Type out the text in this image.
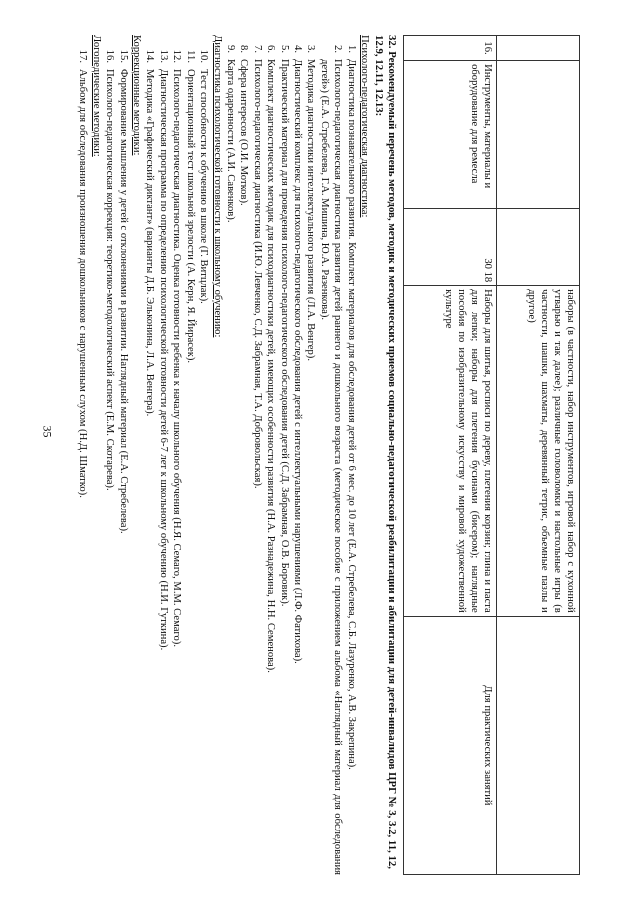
35
				наборы (в частности, набор инструментов, игровой набор с кухонной утварью и так далее); различные головоломки и настольные игры (в частности, шашки, шахматы, деревянный тетрис, объемные пазлы и другое)	
16.	Инструменты, материалы и оборудование для ремесла	30 18	Наборы для шитья, росписи по дереву, плетения корзин; глина и паста для лепки; наборы для плетения бусинами (бисером); наглядные пособия по изобразительному искусству и мировой художественной культуре	Для практических занятий
32. Рекомендуемый перечень методов, методик и методических приемов социально-педагогической реабилитации и абилитации для детей-инвалидов ЦРГ № 3, 3.2, 11, 12, 12.9, 12.11, 12.13:
Психолого-педагогическая диагностика:
1.
Диагностика познавательного развития. Комплект материалов для обследования детей от 6 мес. до 10 лет (Е.А. Стребелева, С.Б. Лазуренко, А.В. Закрепина).
2.
Психолого-педагогическая диагностика развития детей раннего и дошкольного возраста (методическое пособие с приложением альбома «Наглядный материал для обследования детей») (Е.А. Стребелева, Г.А. Мишина, Ю.А. Разенкова).
3.
Методика диагностики интеллектуального развития (Л.А. Венгер).
4.
Диагностический комплекс для психолого-педагогического обследования детей с интеллектуальными нарушениями (Л.Ф. Фатихова).
5.
Практический материал для проведения психолого-педагогического обследования детей (С.Д. Забрамная, О.В. Боровик).
6.
Комплект диагностических методик для психодиагностики детей, имеющих особенности развития (Н.А. Разнадежина, Н.Н. Семенова).
7.
Психолого-педагогическая диагностика (И.Ю. Левченко, С.Д. Забрамная, Т.А. Добровольская).
8.
Сфера интересов (О.И. Мотков).
9.
Карта одаренности (А.И. Савенков).
Диагностика психологической готовности к школьному обучению:
10.
Тест способности к обучению в школе (Г. Витцлак).
11.
Ориентационный тест школьной зрелости (А. Керн, Я. Йирасек).
12.
Психолого-педагогическая диагностика. Оценка готовности ребенка к началу школьного обучения (Н.Я. Семаго, М.М. Семаго).
13.
Диагностическая программа по определению психологической готовности детей 6-7 лет к школьному обучению (Н.И. Гуткина).
14.
Методика «Графический диктант» (варианты Д.Б. Эльконина, Л.А. Венгера).
Коррекционные методики:
15.
Формирование мышления у детей с отклонениями в развитии. Наглядный материал (Е.А. Стребелева).
16.
Психолого-педагогическая коррекция: теоретико-методологический аспект (Е.М. Скотарева).
Логопедические методики:
17.
Альбом для обследования произношения дошкольников с нарушенным слухом (Н.Д. Шматко).
